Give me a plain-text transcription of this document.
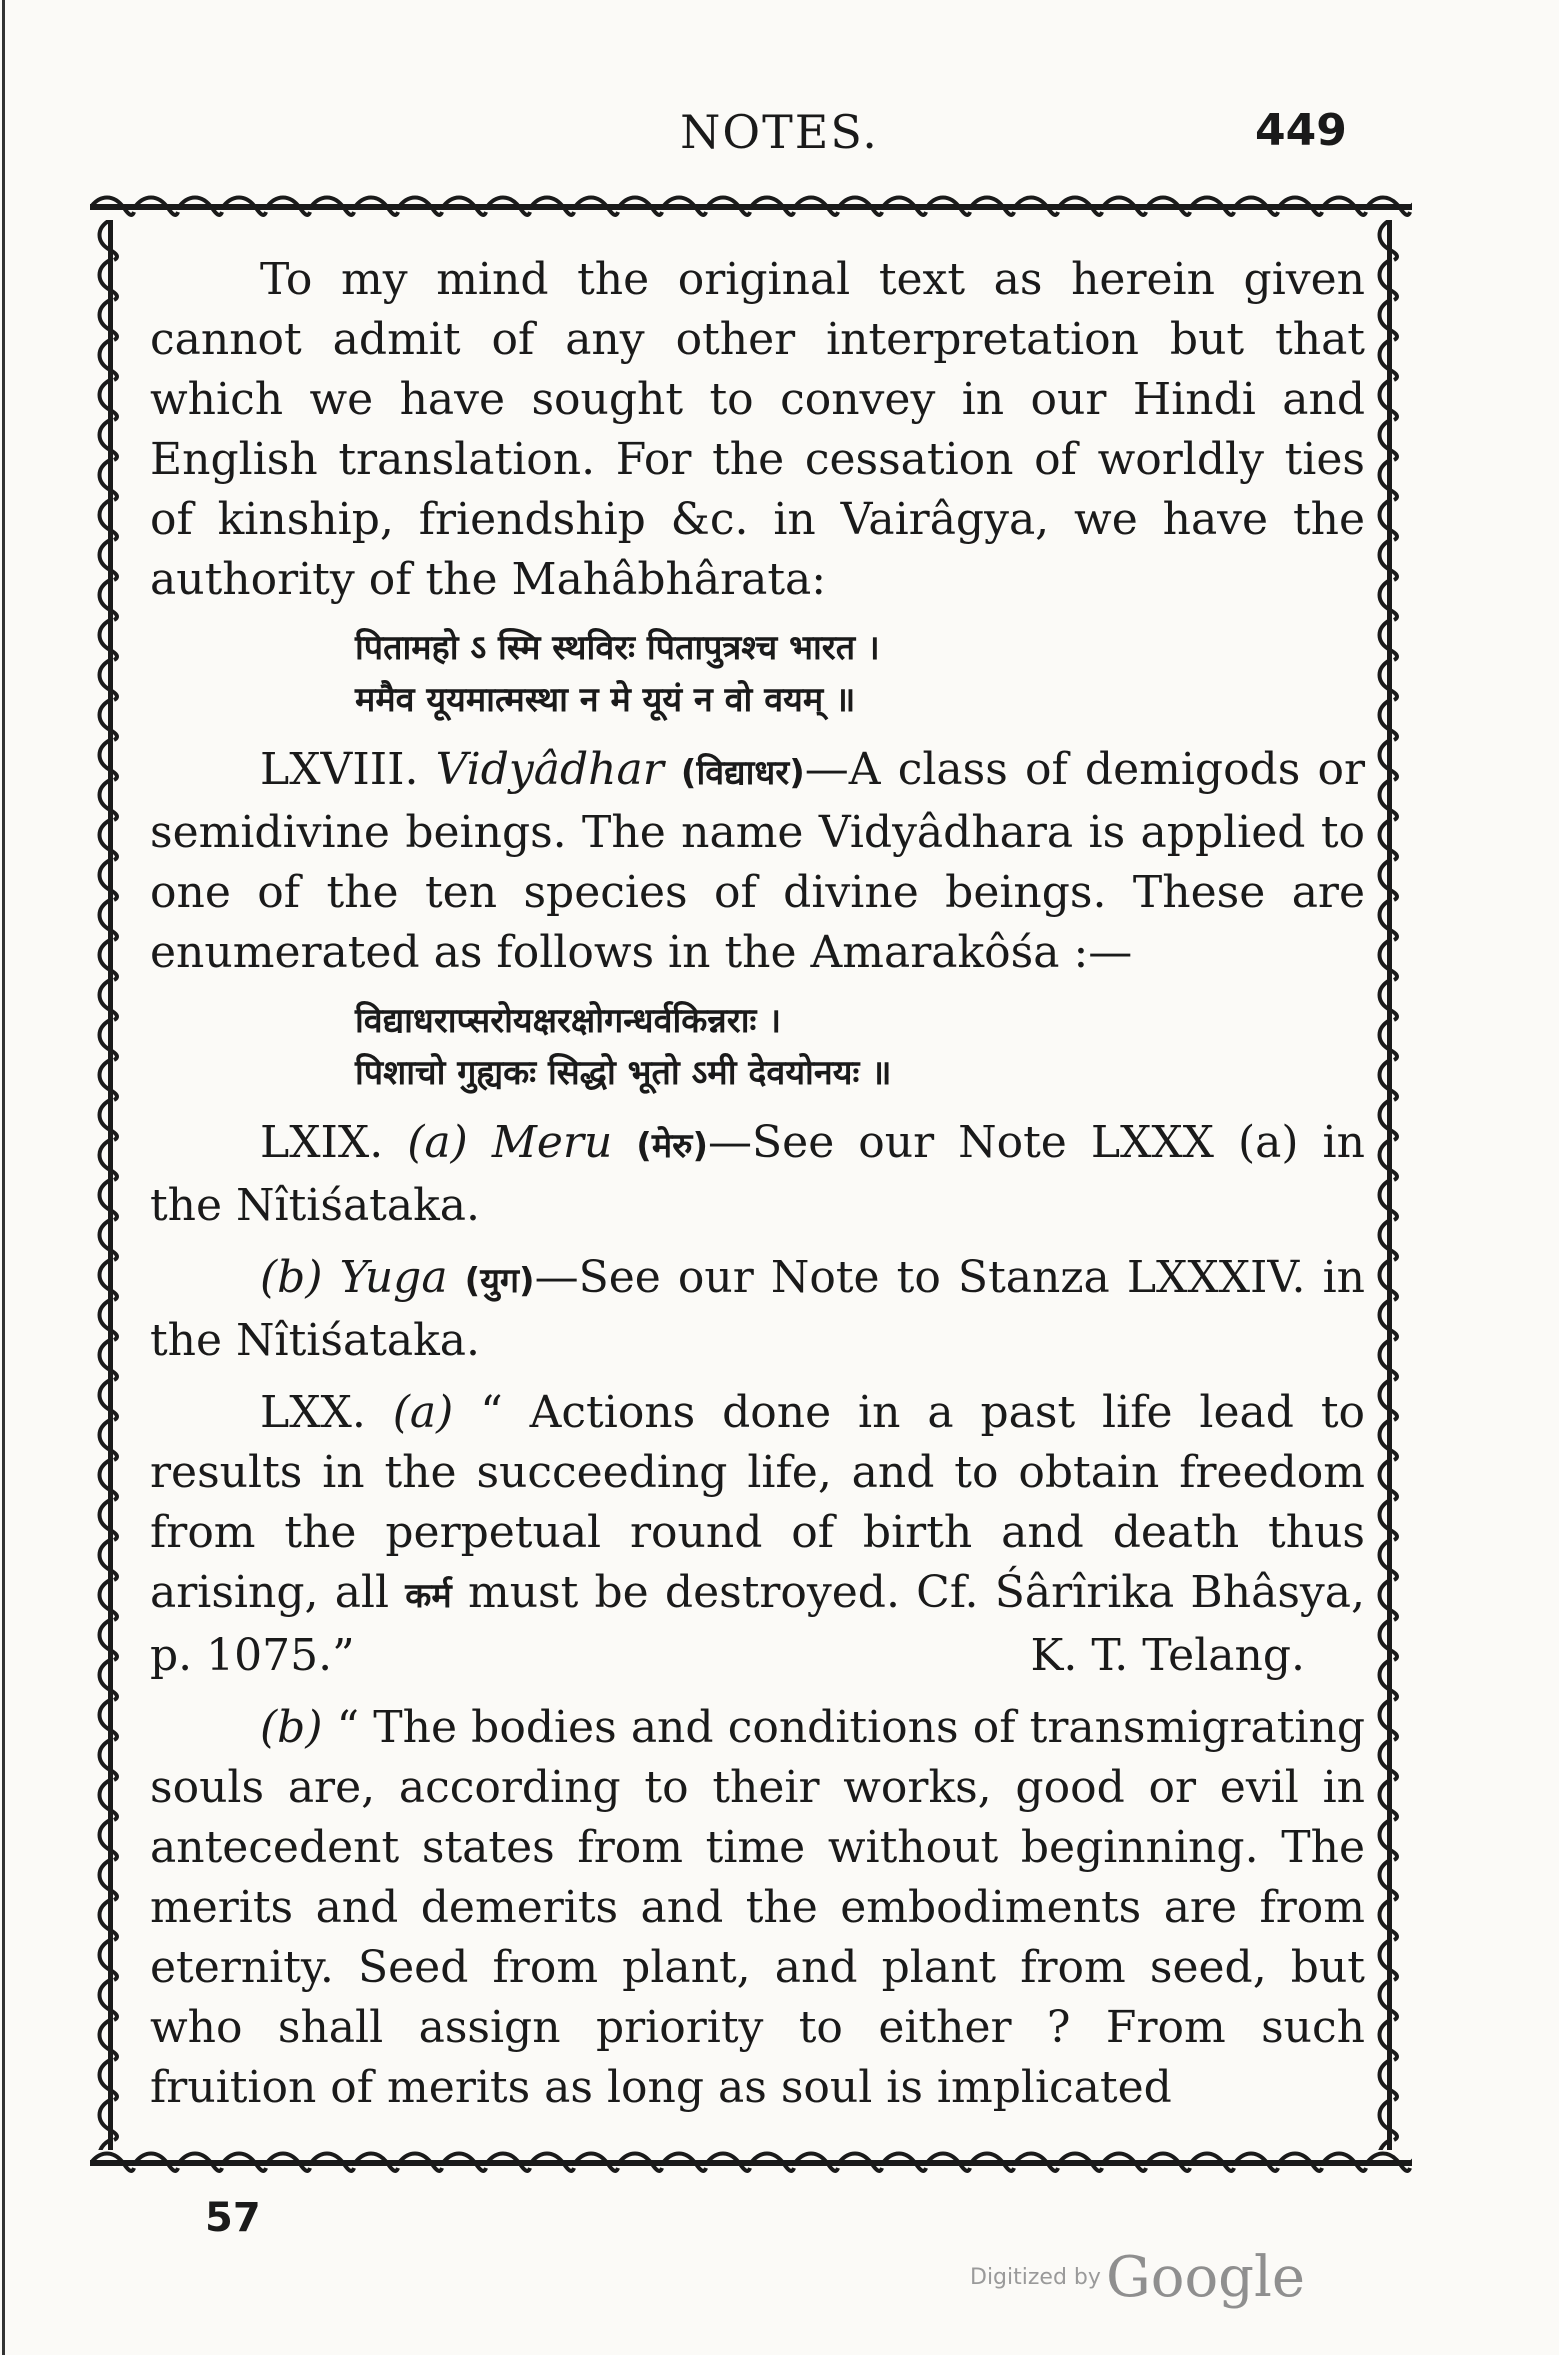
NOTES.	449

To my mind the original text as herein given cannot admit of any other interpretation but that which we have sought to convey in our Hindi and English translation. For the cessation of worldly ties of kinship, friendship &c. in Vairâgya, we have the authority of the Mahâbhârata:

पितामहो ऽ स्मि स्थविरः पितापुत्रश्च भारत ।
ममैव यूयमात्मस्था न मे यूयं न वो वयम् ॥

LXVIII. Vidyâdhar (विद्याधर)—A class of demigods or semidivine beings. The name Vidyâdhara is applied to one of the ten species of divine beings. These are enumerated as follows in the Amarakôśa :—

विद्याधराप्सरोयक्षरक्षोगन्धर्वकिन्नराः ।
पिशाचो गुह्यकः सिद्धो भूतो ऽमी देवयोनयः ॥

LXIX. (a) Meru (मेरु)—See our Note LXXX (a) in the Nîtiśataka.

(b) Yuga (युग)—See our Note to Stanza LXXXIV. in the Nîtiśataka.

LXX. (a) “ Actions done in a past life lead to results in the succeeding life, and to obtain freedom from the perpetual round of birth and death thus arising, all कर्म must be destroyed. Cf. Śârîrika Bhâsya, p. 1075.”	K. T. Telang.

(b) “ The bodies and conditions of transmigrating souls are, according to their works, good or evil in antecedent states from time without beginning. The merits and demerits and the embodiments are from eternity. Seed from plant, and plant from seed, but who shall assign priority to either ? From such fruition of merits as long as soul is implicated

57
Digitized by Google
